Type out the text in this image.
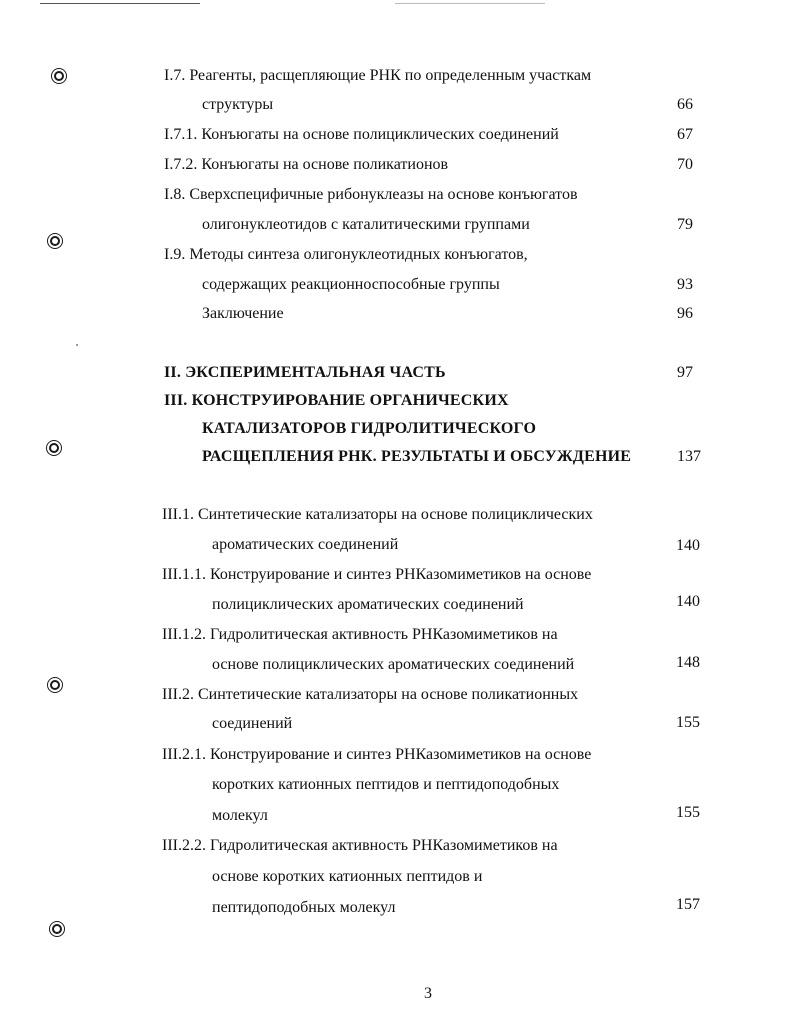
I.7. Реагенты, расщепляющие РНК по определенным участкам
структуры	66
I.7.1. Конъюгаты на основе полициклических соединений	67
I.7.2. Конъюгаты на основе поликатионов	70
I.8. Сверхспецифичные рибонуклеазы на основе конъюгатов
олигонуклеотидов с каталитическими группами	79
I.9. Методы синтеза олигонуклеотидных конъюгатов,
содержащих реакционноспособные группы	93
Заключение	96
II. ЭКСПЕРИМЕНТАЛЬНАЯ ЧАСТЬ	97
III. КОНСТРУИРОВАНИЕ ОРГАНИЧЕСКИХ
КАТАЛИЗАТОРОВ ГИДРОЛИТИЧЕСКОГО
РАСЩЕПЛЕНИЯ РНК. РЕЗУЛЬТАТЫ И ОБСУЖДЕНИЕ	137
III.1. Синтетические катализаторы на основе полициклических
ароматических соединений	140
III.1.1. Конструирование и синтез РНКазомиметиков на основе
полициклических ароматических соединений	140
III.1.2. Гидролитическая активность РНКазомиметиков на
основе полициклических ароматических соединений	148
III.2. Синтетические катализаторы на основе поликатионных
соединений	155
III.2.1. Конструирование и синтез РНКазомиметиков на основе
коротких катионных пептидов и пептидоподобных
молекул	155
III.2.2. Гидролитическая активность РНКазомиметиков на
основе коротких катионных пептидов и
пептидоподобных молекул	157
3
